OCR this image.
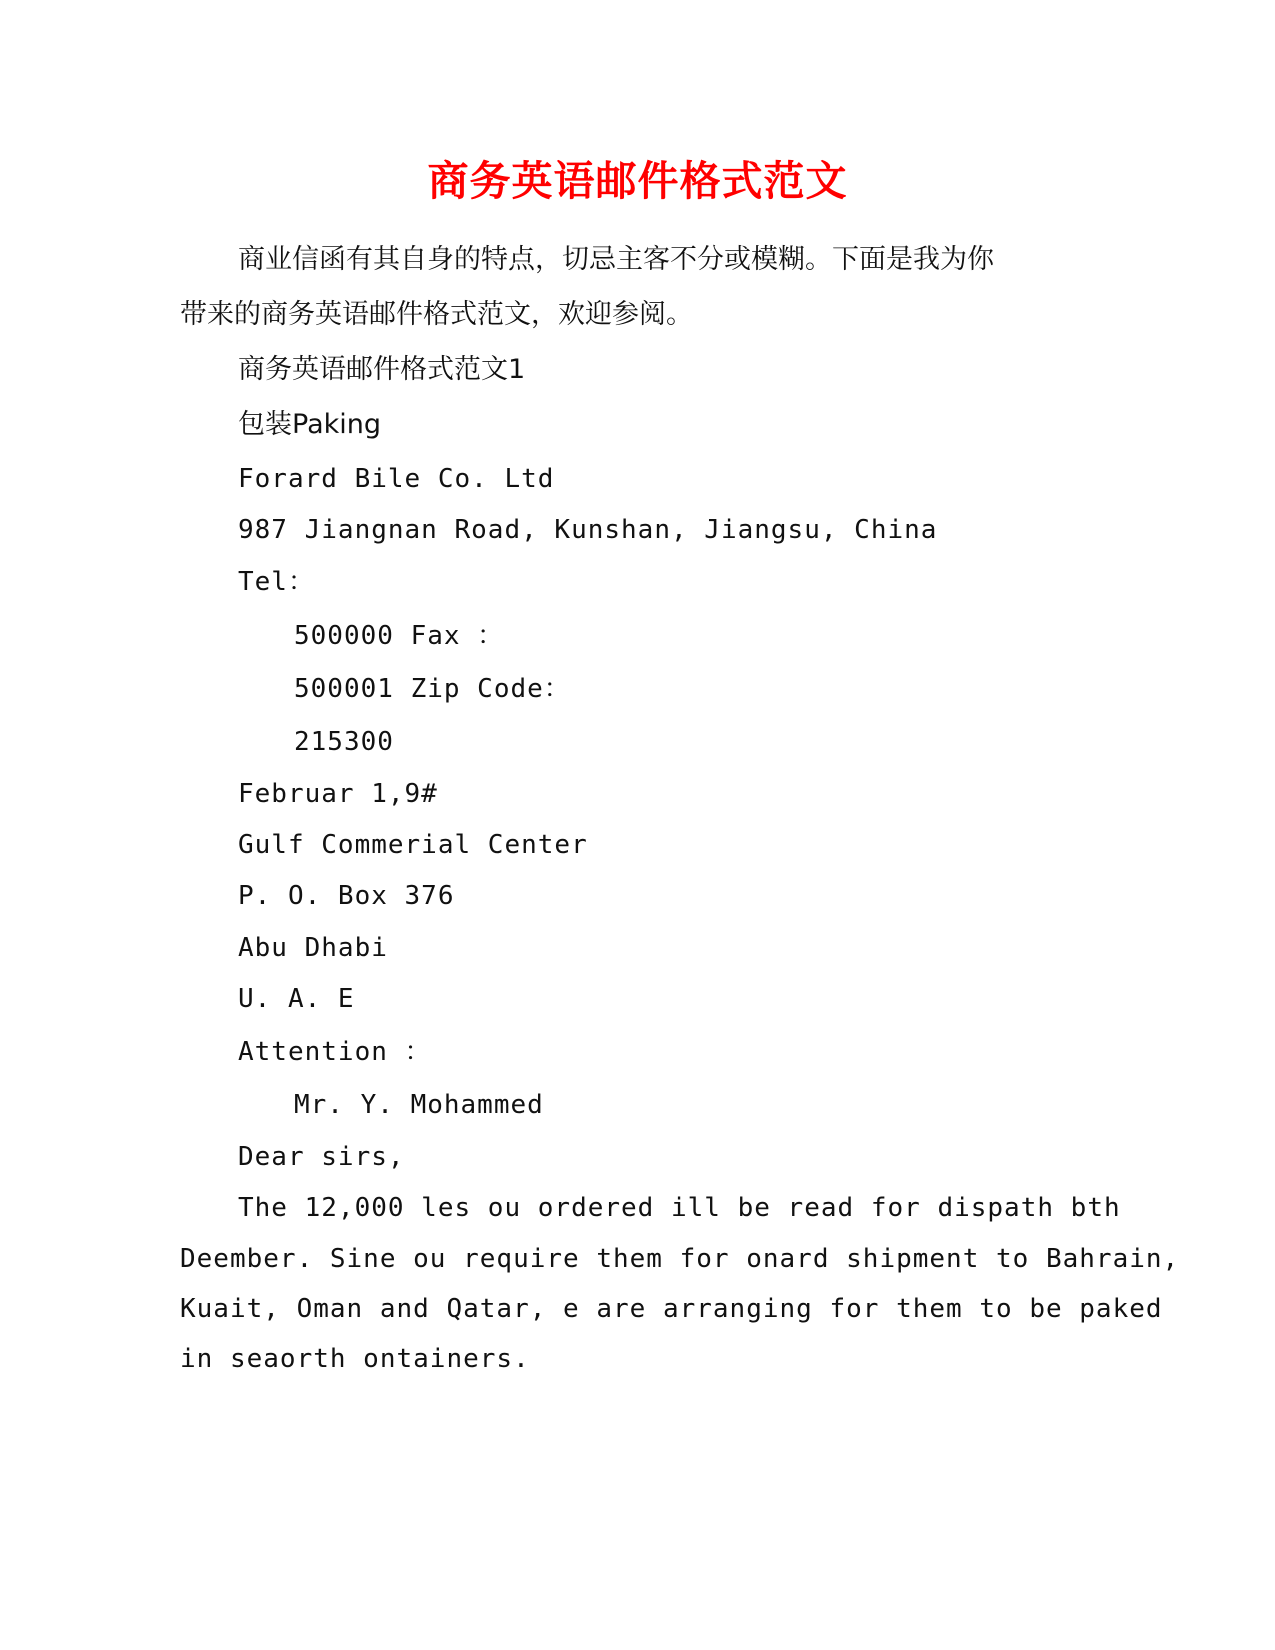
商务英语邮件格式范文
商业信函有其自身的特点，切忌主客不分或模糊。下面是我为你
带来的商务英语邮件格式范文，欢迎参阅。
商务英语邮件格式范文1
包装Paking
Forard Bile Co. Ltd
987 Jiangnan Road, Kunshan, Jiangsu, China
Tel：
500000 Fax ：
500001 Zip Code：
215300
Februar 1,9#
Gulf Commerial Center
P. O. Box 376
Abu Dhabi
U. A. E
Attention ：
Mr. Y. Mohammed
Dear sirs,
The 12,000 les ou ordered ill be read for dispath bth
Deember. Sine ou require them for onard shipment to Bahrain,
Kuait, Oman and Qatar, e are arranging for them to be paked
in seaorth ontainers.
